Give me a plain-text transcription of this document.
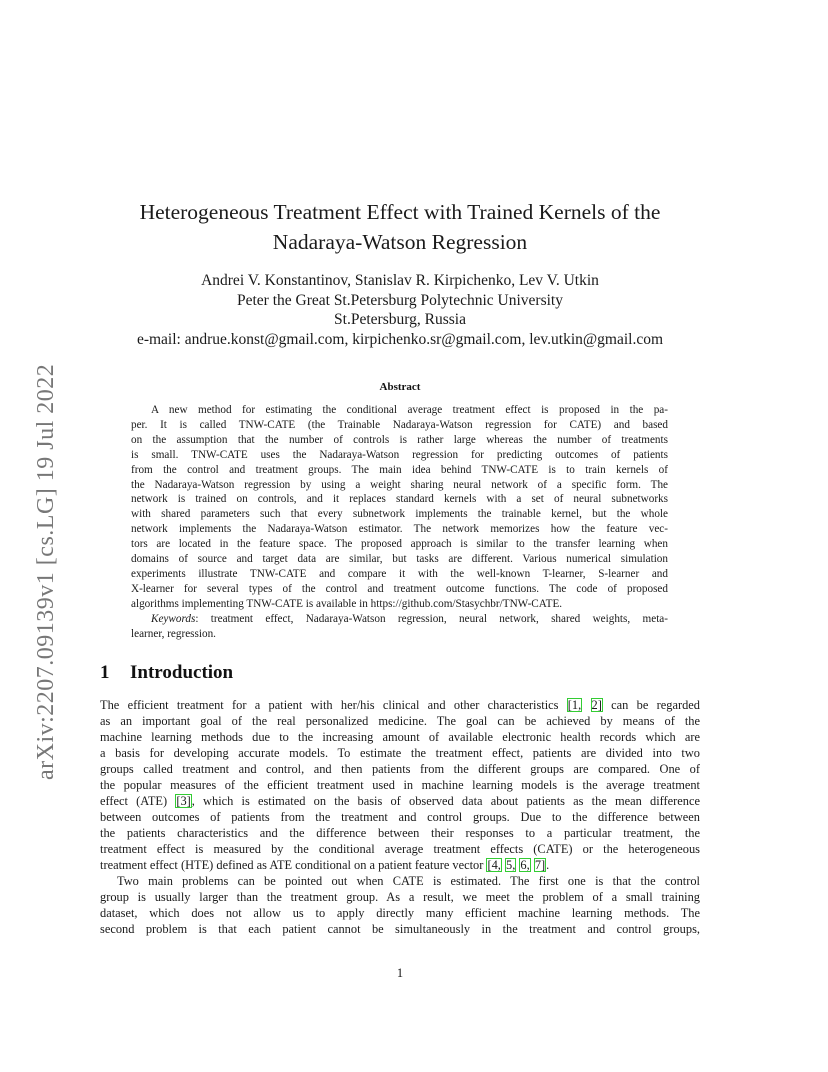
arXiv:2207.09139v1 [cs.LG] 19 Jul 2022
Heterogeneous Treatment Effect with Trained Kernels of the
Nadaraya-Watson Regression
Andrei V. Konstantinov, Stanislav R. Kirpichenko, Lev V. Utkin
Peter the Great St.Petersburg Polytechnic University
St.Petersburg, Russia
e-mail: andrue.konst@gmail.com, kirpichenko.sr@gmail.com, lev.utkin@gmail.com
Abstract
A new method for estimating the conditional average treatment effect is proposed in the pa-
per. It is called TNW-CATE (the Trainable Nadaraya-Watson regression for CATE) and based
on the assumption that the number of controls is rather large whereas the number of treatments
is small. TNW-CATE uses the Nadaraya-Watson regression for predicting outcomes of patients
from the control and treatment groups. The main idea behind TNW-CATE is to train kernels of
the Nadaraya-Watson regression by using a weight sharing neural network of a specific form. The
network is trained on controls, and it replaces standard kernels with a set of neural subnetworks
with shared parameters such that every subnetwork implements the trainable kernel, but the whole
network implements the Nadaraya-Watson estimator. The network memorizes how the feature vec-
tors are located in the feature space. The proposed approach is similar to the transfer learning when
domains of source and target data are similar, but tasks are different. Various numerical simulation
experiments illustrate TNW-CATE and compare it with the well-known T-learner, S-learner and
X-learner for several types of the control and treatment outcome functions. The code of proposed
algorithms implementing TNW-CATE is available in https://github.com/Stasychbr/TNW-CATE.
Keywords: treatment effect, Nadaraya-Watson regression, neural network, shared weights, meta-
learner, regression.
1 Introduction
The efficient treatment for a patient with her/his clinical and other characteristics [1, 2] can be regarded
as an important goal of the real personalized medicine. The goal can be achieved by means of the
machine learning methods due to the increasing amount of available electronic health records which are
a basis for developing accurate models. To estimate the treatment effect, patients are divided into two
groups called treatment and control, and then patients from the different groups are compared. One of
the popular measures of the efficient treatment used in machine learning models is the average treatment
effect (ATE) [3], which is estimated on the basis of observed data about patients as the mean difference
between outcomes of patients from the treatment and control groups. Due to the difference between
the patients characteristics and the difference between their responses to a particular treatment, the
treatment effect is measured by the conditional average treatment effects (CATE) or the heterogeneous
treatment effect (HTE) defined as ATE conditional on a patient feature vector [4, 5, 6, 7].
Two main problems can be pointed out when CATE is estimated. The first one is that the control
group is usually larger than the treatment group. As a result, we meet the problem of a small training
dataset, which does not allow us to apply directly many efficient machine learning methods. The
second problem is that each patient cannot be simultaneously in the treatment and control groups,
1
